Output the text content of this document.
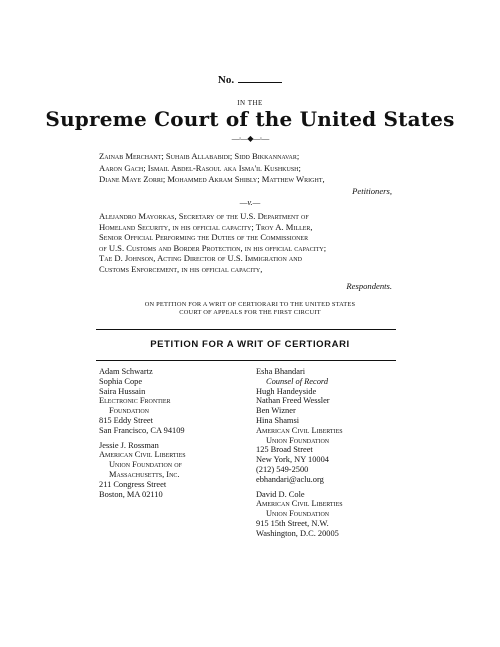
No.
IN THE
Supreme Court of the United States
—·—◆—·—
Zainab Merchant; Suhaib Allababidi; Sidd Bikkannavar;
Aaron Gach; Ismail Abdel-Rasoul aka Isma'il Kushkush;
Diane Maye Zorri; Mohammed Akram Shibly; Matthew Wright,
Petitioners,
—v.—
Alejandro Mayorkas, Secretary of the U.S. Department of
Homeland Security, in his official capacity; Troy A. Miller,
Senior Official Performing the Duties of the Commissioner
of U.S. Customs and Border Protection, in his official capacity;
Tae D. Johnson, Acting Director of U.S. Immigration and
Customs Enforcement, in his official capacity,
Respondents.
ON PETITION FOR A WRIT OF CERTIORARI TO THE UNITED STATES
COURT OF APPEALS FOR THE FIRST CIRCUIT
PETITION FOR A WRIT OF CERTIORARI
Adam Schwartz
Sophia Cope
Saira Hussain
Electronic Frontier
Foundation
815 Eddy Street
San Francisco, CA 94109
Jessie J. Rossman
American Civil Liberties
Union Foundation of
Massachusetts, Inc.
211 Congress Street
Boston, MA 02110
Esha Bhandari
Counsel of Record
Hugh Handeyside
Nathan Freed Wessler
Ben Wizner
Hina Shamsi
American Civil Liberties
Union Foundation
125 Broad Street
New York, NY 10004
(212) 549-2500
ebhandari@aclu.org
David D. Cole
American Civil Liberties
Union Foundation
915 15th Street, N.W.
Washington, D.C. 20005
